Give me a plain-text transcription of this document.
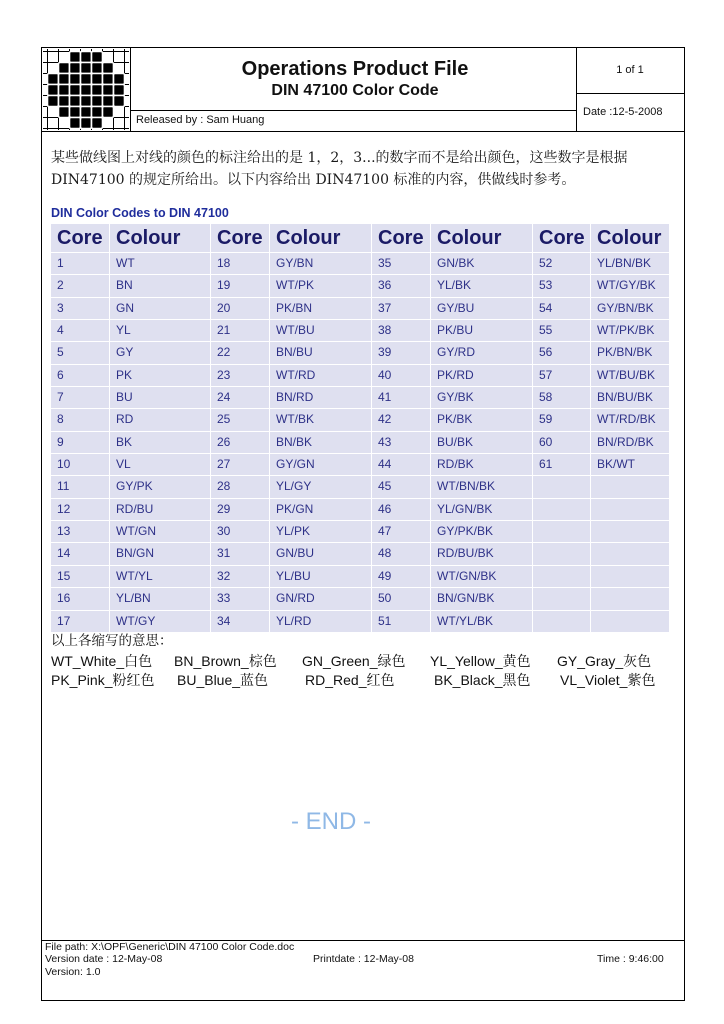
Operations Product File
DIN 47100 Color Code
Released by : Sam Huang
1 of 1
Date :12-5-2008
某些做线图上对线的颜色的标注给出的是 1，2，3...的数字而不是给出颜色，这些数字是根据
DIN47100 的规定所给出。以下内容给出 DIN47100 标准的内容，供做线时参考。
DIN Color Codes to DIN 47100
Core Colour	Core Colour	Core Colour	Core Colour
1	WT	18	GY/BN	35	GN/BK	52	YL/BN/BK
2	BN	19	WT/PK	36	YL/BK	53	WT/GY/BK
3	GN	20	PK/BN	37	GY/BU	54	GY/BN/BK
4	YL	21	WT/BU	38	PK/BU	55	WT/PK/BK
5	GY	22	BN/BU	39	GY/RD	56	PK/BN/BK
6	PK	23	WT/RD	40	PK/RD	57	WT/BU/BK
7	BU	24	BN/RD	41	GY/BK	58	BN/BU/BK
8	RD	25	WT/BK	42	PK/BK	59	WT/RD/BK
9	BK	26	BN/BK	43	BU/BK	60	BN/RD/BK
10	VL	27	GY/GN	44	RD/BK	61	BK/WT
11	GY/PK	28	YL/GY	45	WT/BN/BK
12	RD/BU	29	PK/GN	46	YL/GN/BK
13	WT/GN	30	YL/PK	47	GY/PK/BK
14	BN/GN	31	GN/BU	48	RD/BU/BK
15	WT/YL	32	YL/BU	49	WT/GN/BK
16	YL/BN	33	GN/RD	50	BN/GN/BK
17	WT/GY	34	YL/RD	51	WT/YL/BK
以上各缩写的意思：
WT_White_白色 BN_Brown_棕色 GN_Green_绿色 YL_Yellow_黄色 GY_Gray_灰色
PK_Pink_粉红色 BU_Blue_蓝色	RD_Red_红色	BK_Black_黑色 VL_Violet_紫色
- END -
File path: X:\OPF\Generic\DIN 47100 Color Code.doc
Version date : 12-May-08	Printdate : 12-May-08	Time : 9:46:00
Version: 1.0
